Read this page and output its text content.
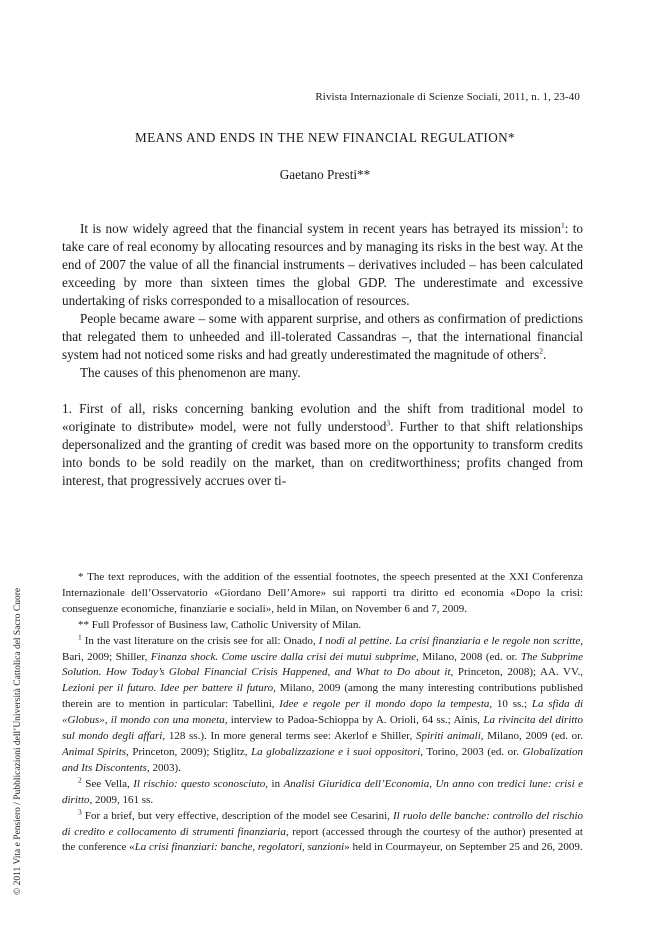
Rivista Internazionale di Scienze Sociali, 2011, n. 1, 23-40
MEANS AND ENDS IN THE NEW FINANCIAL REGULATION*
Gaetano Presti**

It is now widely agreed that the financial system in recent years has betrayed its mission$^1$: to take care of real economy by allocating resources and by managing its risks in the best way. At the end of 2007 the value of all the financial instruments – derivatives included – has been calculated exceeding by more than sixteen times the global GDP. The underestimate and excessive undertaking of risks corresponded to a misallocation of resources.

People became aware – some with apparent surprise, and others as confirmation of predictions that relegated them to unheeded and ill-tolerated Cassandras –, that the international financial system had not noticed some risks and had greatly underestimated the magnitude of others$^2$.

The causes of this phenomenon are many.

1. First of all, risks concerning banking evolution and the shift from traditional model to «originate to distribute» model, were not fully understood$^3$. Further to that shift relationships depersonalized and the granting of credit was based more on the opportunity to transform credits into bonds to be sold readily on the market, than on creditworthiness; profits changed from interest, that progressively accrues over ti-

* The text reproduces, with the addition of the essential footnotes, the speech presented at the XXI Conferenza Internazionale dell’Osservatorio «Giordano Dell’Amore» sui rapporti tra diritto ed economia «Dopo la crisi: conseguenze economiche, finanziarie e sociali», held in Milan, on November 6 and 7, 2009.

** Full Professor of Business law, Catholic University of Milan.

$^1$ In the vast literature on the crisis see for all: Onado, I nodi al pettine. La crisi finanziaria e le regole non scritte, Bari, 2009; Shiller, Finanza shock. Come uscire dalla crisi dei mutui subprime, Milano, 2008 (ed. or. The Subprime Solution. How Today’s Global Financial Crisis Happened, and What to Do about it, Princeton, 2008); AA. VV., Lezioni per il futuro. Idee per battere il futuro, Milano, 2009 (among the many interesting contributions published therein are to mention in particular: Tabellini, Idee e regole per il mondo dopo la tempesta, 10 ss.; La sfida di «Globus», il mondo con una moneta, interview to Padoa-Schioppa by A. Orioli, 64 ss.; Ainis, La rivincita del diritto sul mondo degli affari, 128 ss.). In more general terms see: Akerlof e Shiller, Spiriti animali, Milano, 2009 (ed. or. Animal Spirits, Princeton, 2009); Stiglitz, La globalizzazione e i suoi oppositori, Torino, 2003 (ed. or. Globalization and Its Discontents, 2003).

$^2$ See Vella, Il rischio: questo sconosciuto, in Analisi Giuridica dell’Economia, Un anno con tredici lune: crisi e diritto, 2009, 161 ss.

$^3$ For a brief, but very effective, description of the model see Cesarini, Il ruolo delle banche: controllo del rischio di credito e collocamento di strumenti finanziaria, report (accessed through the courtesy of the author) presented at the conference «La crisi finanziari: banche, regolatori, sanzioni» held in Courmayeur, on September 25 and 26, 2009.

© 2011 Vita e Pensiero / Pubblicazioni dell’Università Cattolica del Sacro Cuore
